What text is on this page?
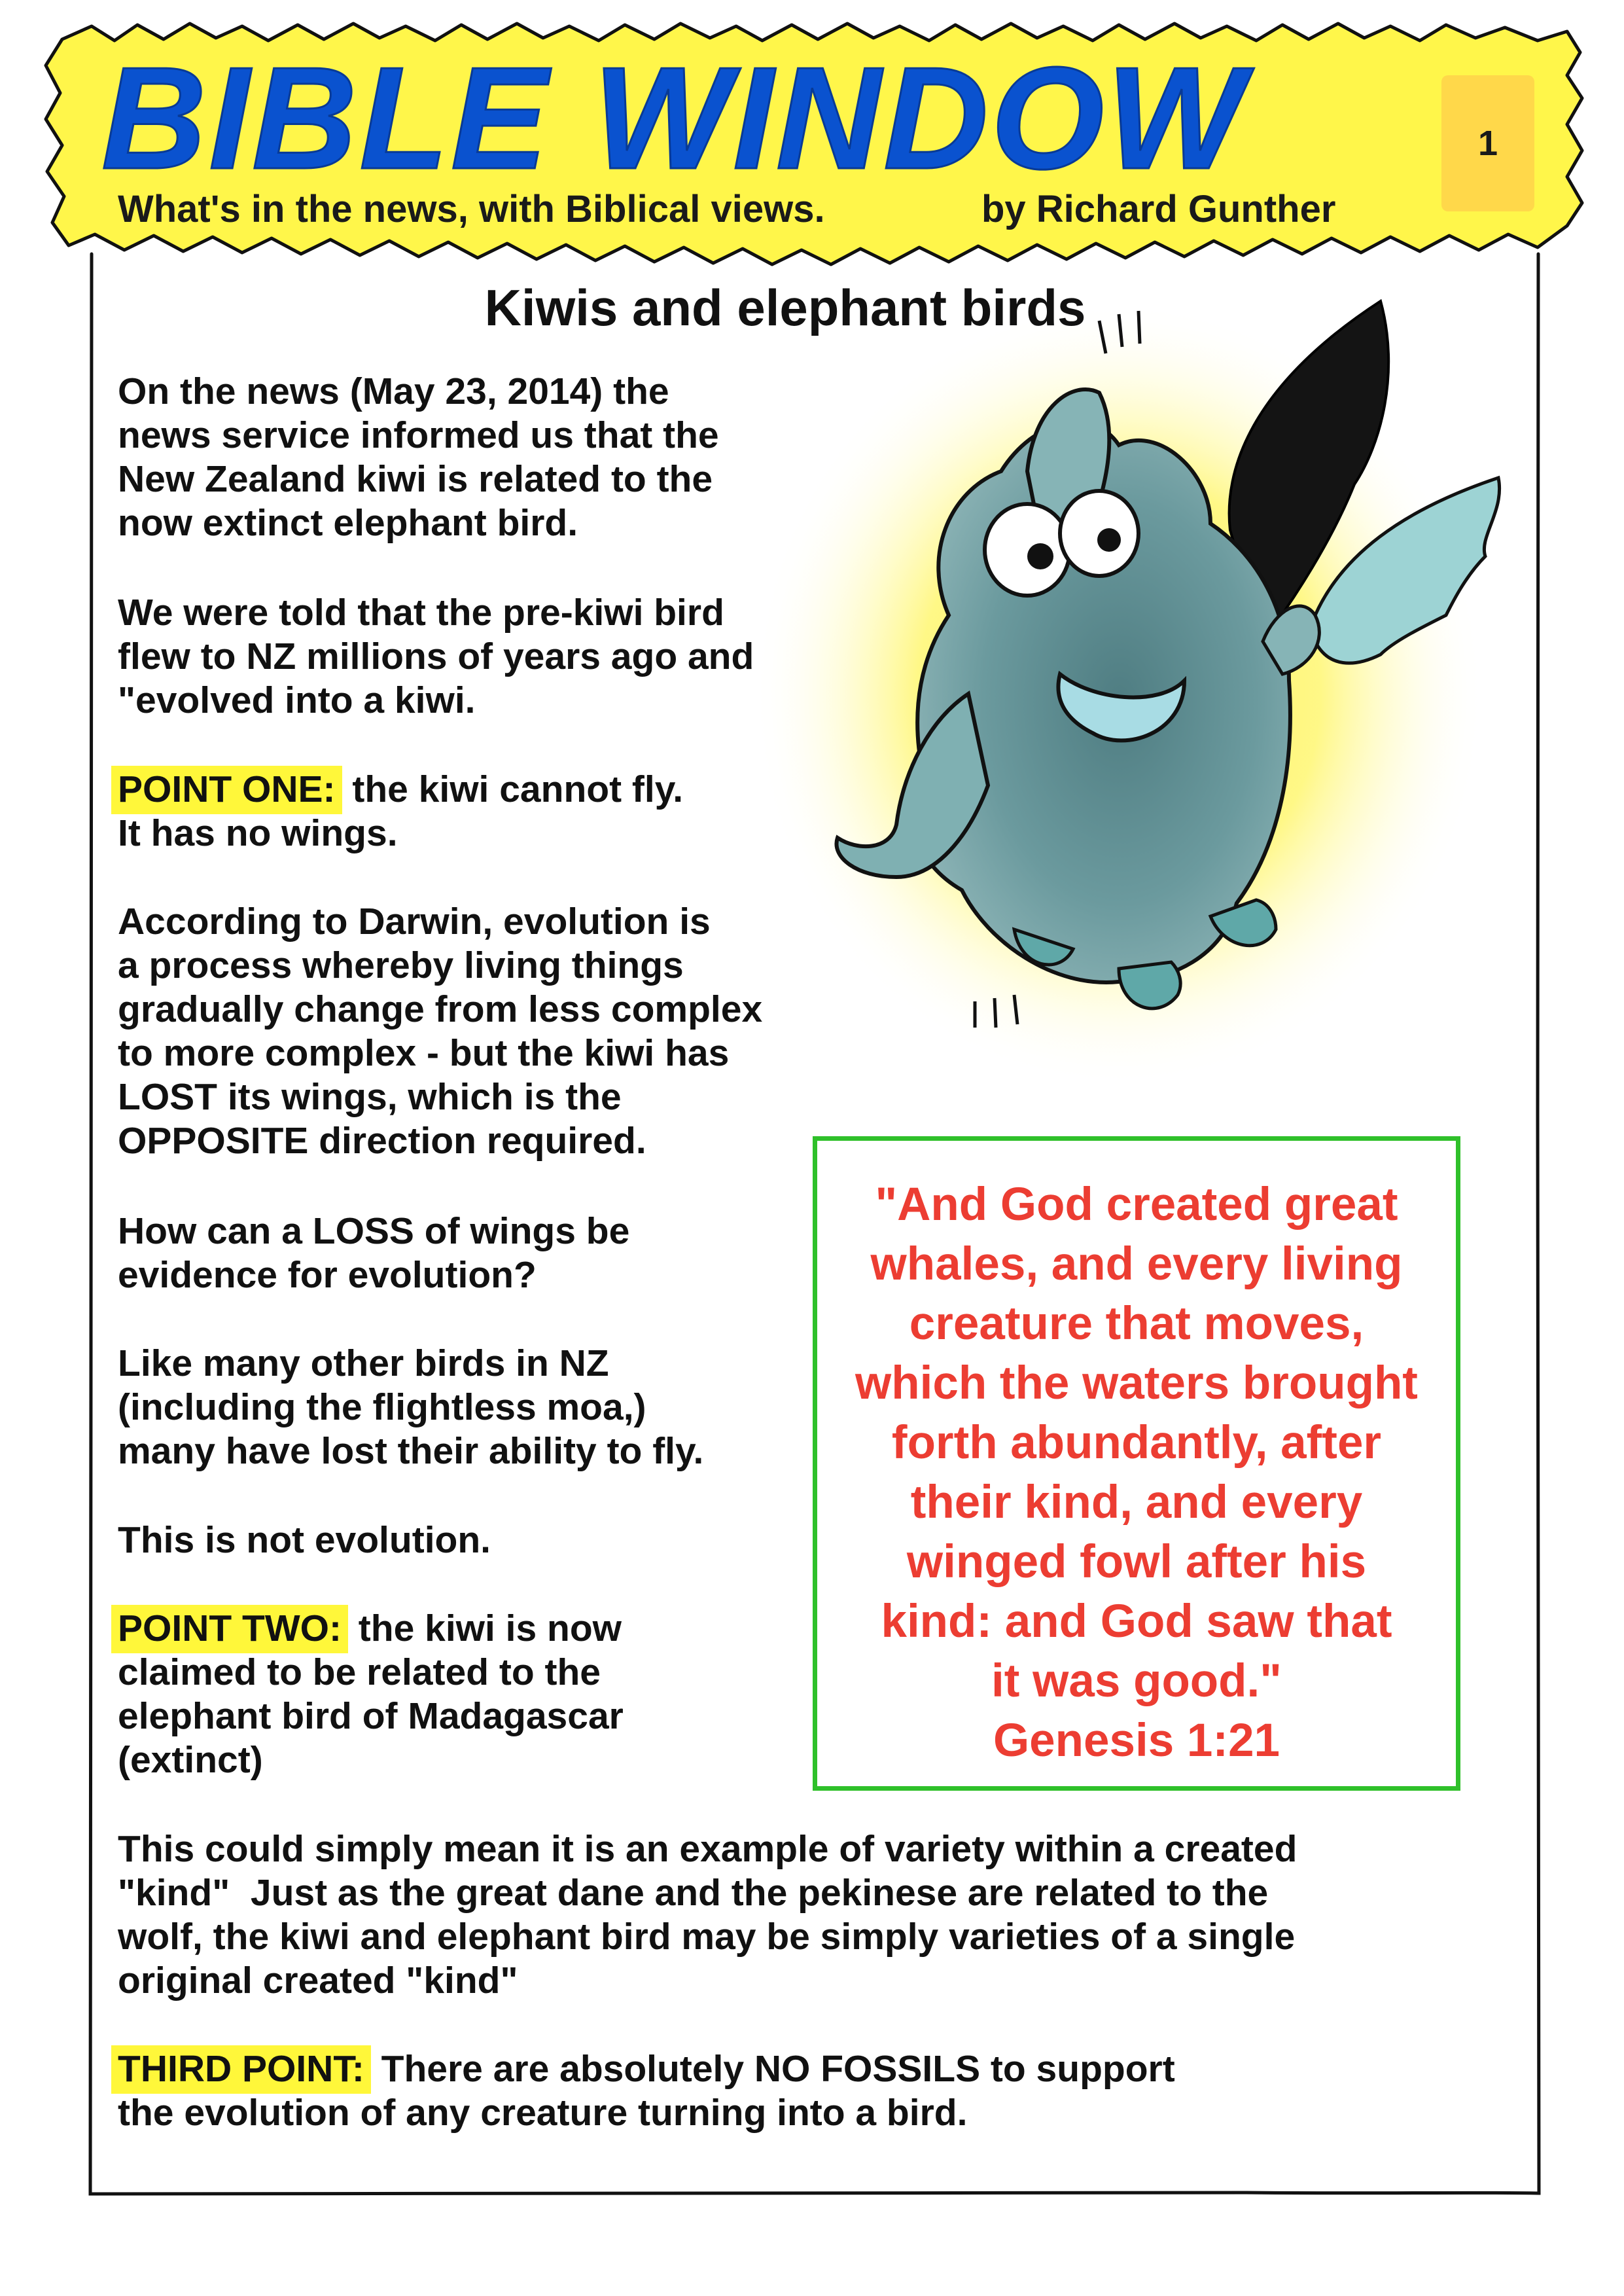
BIBLE WINDOW
What's in the news, with Biblical views.	by Richard Gunther
1
Kiwis and elephant birds
On the news (May 23, 2014) the
news service informed us that the
New Zealand kiwi is related to the
now extinct elephant bird.
We were told that the pre-kiwi bird
flew to NZ millions of years ago and
"evolved into a kiwi.
POINT ONE: the kiwi cannot fly.
It has no wings.
According to Darwin, evolution is
a process whereby living things
gradually change from less complex
to more complex - but the kiwi has
LOST its wings, which is the
OPPOSITE direction required.
How can a LOSS of wings be
evidence for evolution?
Like many other birds in NZ
(including the flightless moa,)
many have lost their ability to fly.
This is not evolution.
POINT TWO: the kiwi is now
claimed to be related to the
elephant bird of Madagascar
(extinct)
This could simply mean it is an example of variety within a created
"kind"  Just as the great dane and the pekinese are related to the
wolf, the kiwi and elephant bird may be simply varieties of a single
original created "kind"
THIRD POINT: There are absolutely NO FOSSILS to support
the evolution of any creature turning into a bird.
"And God created great
whales, and every living
creature that moves,
which the waters brought
forth abundantly, after
their kind, and every
winged fowl after his
kind: and God saw that
it was good."
Genesis 1:21
